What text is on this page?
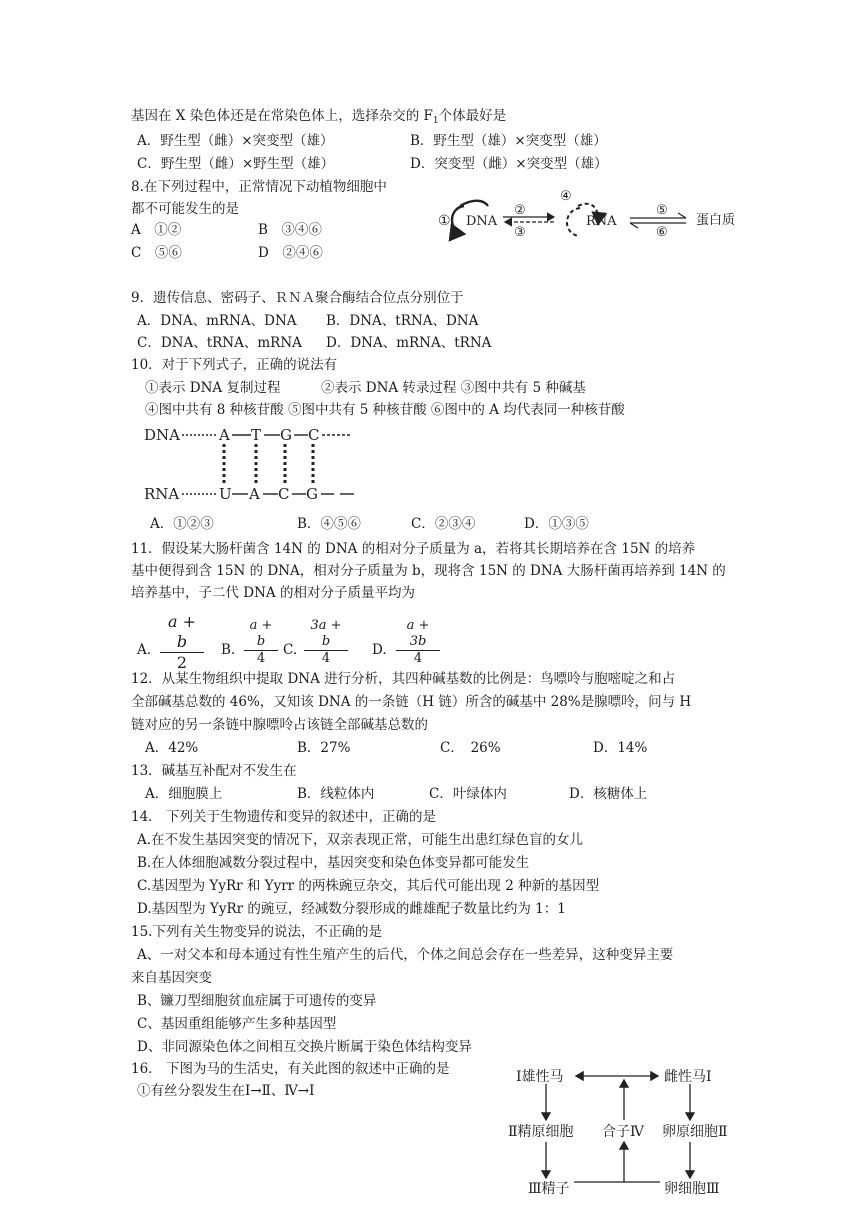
基因在 X 染色体还是在常染色体上，选择杂交的 $F_1$个体最好是
A．野生型（雌）×突变型（雄）	B．野生型（雄）×突变型（雄）
C．野生型（雌）×野生型（雄）	D．突变型（雌）×突变型（雄）
8.在下列过程中，正常情况下动植物细胞中
都不可能发生的是
A　①②	B　③④⑥
C　⑤⑥	D　②④⑥
① DNA
②
③
④
RNA
⑤
⑥
蛋白质
9．遗传信息、密码子、ＲＮＡ聚合酶结合位点分别位于
A．DNA、mRNA、DNA B．DNA、tRNA、DNA
C．DNA、tRNA、mRNA D．DNA、mRNA、tRNA
10．对于下列式子，正确的说法有
①表示 DNA 复制过程　　　②表示 DNA 转录过程 ③图中共有 5 种碱基
④图中共有 8 种核苷酸 ⑤图中共有 5 种核苷酸 ⑥图中的 A 均代表同一种核苷酸
DNA	A T G C
RNA	U A C G
A．①②③	B．④⑤⑥	C．②③④	D．①③⑤
11．假设某大肠杆菌含 14N 的 DNA 的相对分子质量为 a，若将其长期培养在含 15N 的培养
基中便得到含 15N 的 DNA，相对分子质量为 b，现将含 15N 的 DNA 大肠杆菌再培养到 14N 的
培养基中，子二代 DNA 的相对分子质量平均为
A. $\frac{a + b}{2} B$. $\frac{a + b}{4} C$. $\frac{3a + b}{4} D$. $\frac{a + 3b}{4}$
12．从某生物组织中提取 DNA 进行分析，其四种碱基数的比例是：鸟嘌呤与胞嘧啶之和占
全部碱基总数的 46%，又知该 DNA 的一条链（H 链）所含的碱基中 28%是腺嘌呤，问与 H
链对应的另一条链中腺嘌呤占该链全部碱基总数的
A．42%	B．27%	C．　26%	D．14%
13．碱基互补配对不发生在
A．细胞膜上	B．线粒体内	C．叶绿体内	D．核糖体上
14． 下列关于生物遗传和变异的叙述中，正确的是
A.在不发生基因突变的情况下，双亲表现正常，可能生出患红绿色盲的女儿
B.在人体细胞减数分裂过程中，基因突变和染色体变异都可能发生
C.基因型为 YyRr 和 Yyrr 的两株豌豆杂交，其后代可能出现 2 种新的基因型
D.基因型为 YyRr 的豌豆，经减数分裂形成的雌雄配子数量比约为 1：1
15.下列有关生物变异的说法，不正确的是
A、一对父本和母本通过有性生殖产生的后代，个体之间总会存在一些差异，这种变异主要
来自基因突变
B、镰刀型细胞贫血症属于可遗传的变异
C、基因重组能够产生多种基因型
D、非同源染色体之间相互交换片断属于染色体结构变异
16． 下图为马的生活史，有关此图的叙述中正确的是
①有丝分裂发生在Ⅰ→Ⅱ、Ⅳ→Ⅰ
Ⅰ雄性马	雌性马Ⅰ
Ⅱ精原细胞 合子Ⅳ 卵原细胞Ⅱ
Ⅲ精子	卵细胞Ⅲ
